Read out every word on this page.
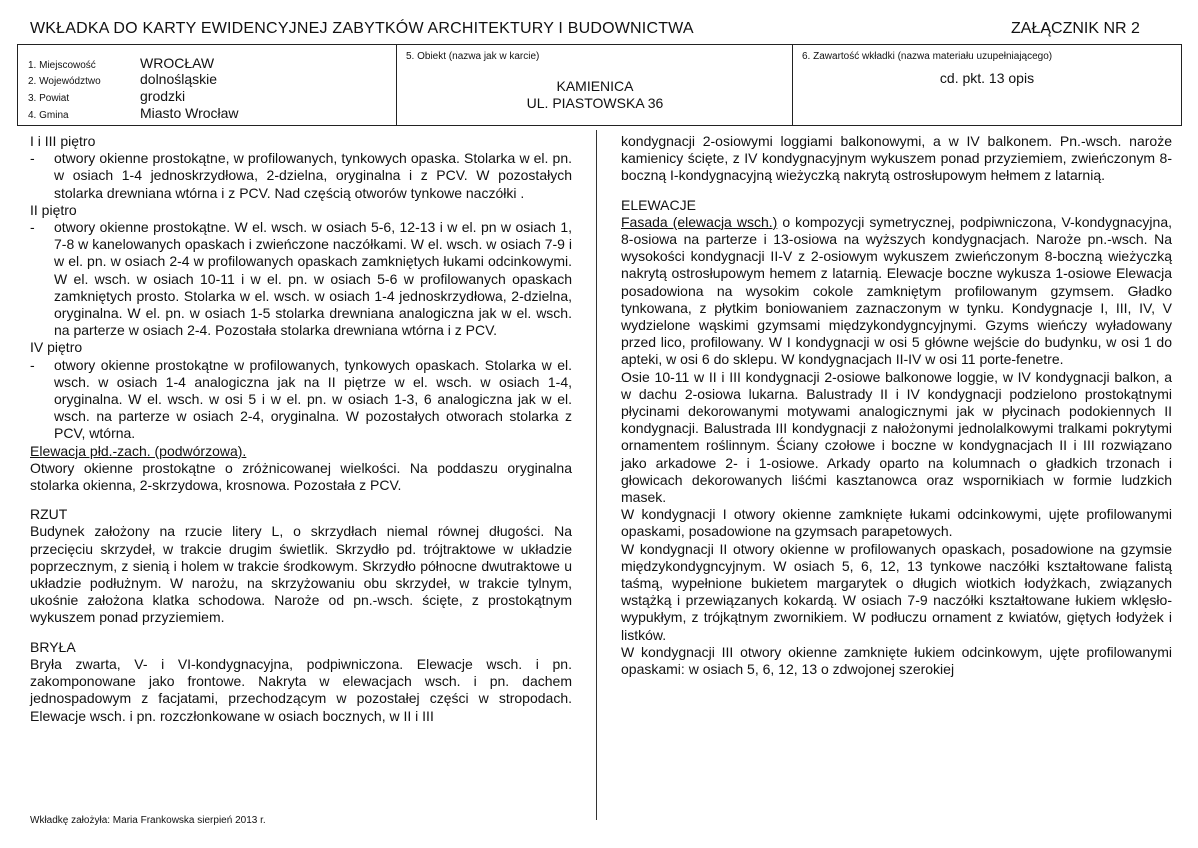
WKŁADKA DO KARTY EWIDENCYJNEJ ZABYTKÓW ARCHITEKTURY I BUDOWNICTWA	ZAŁĄCZNIK NR 2
1. Miejscowość	WROCŁAW
2. Województwo	dolnośląskie
3. Powiat	grodzki
4. Gmina	Miasto Wrocław
5. Obiekt (nazwa jak w karcie)
KAMIENICA
UL. PIASTOWSKA 36
6. Zawartość wkładki (nazwa materiału uzupełniającego)
cd. pkt. 13 opis

I i III piętro

- otwory okienne prostokątne, w profilowanych, tynkowych opaska. Stolarka w el. pn. w osiach 1-4 jednoskrzydłowa, 2-dzielna, oryginalna i z PCV. W pozostałych stolarka drewniana wtórna i z PCV. Nad częścią otworów tynkowe naczółki .

II piętro

- otwory okienne prostokątne. W el. wsch. w osiach 5-6, 12-13 i w el. pn w osiach 1, 7-8 w kanelowanych opaskach i zwieńczone naczółkami. W el. wsch. w osiach 7-9 i w el. pn. w osiach 2-4 w profilowanych opaskach zamkniętych łukami odcinkowymi. W el. wsch. w osiach 10-11 i w el. pn. w osiach 5-6 w profilowanych opaskach zamkniętych prosto. Stolarka w el. wsch. w osiach 1-4 jednoskrzydłowa, 2-dzielna, oryginalna. W el. pn. w osiach 1-5 stolarka drewniana analogiczna jak w el. wsch. na parterze w osiach 2-4. Pozostała stolarka drewniana wtórna i z PCV.

IV piętro

- otwory okienne prostokątne w profilowanych, tynkowych opaskach. Stolarka w el. wsch. w osiach 1-4 analogiczna jak na II piętrze w el. wsch. w osiach 1-4, oryginalna. W el. wsch. w osi 5 i w el. pn. w osiach 1-3, 6 analogiczna jak w el. wsch. na parterze w osiach 2-4, oryginalna. W pozostałych otworach stolarka z PCV, wtórna.

Elewacja płd.-zach. (podwórzowa).

Otwory okienne prostokątne o zróżnicowanej wielkości. Na poddaszu oryginalna stolarka okienna, 2-skrzydowa, krosnowa. Pozostała z PCV.

RZUT

Budynek założony na rzucie litery L, o skrzydłach niemal równej długości. Na przecięciu skrzydeł, w trakcie drugim świetlik. Skrzydło pd. trójtraktowe w układzie poprzecznym, z sienią i holem w trakcie środkowym. Skrzydło północne dwutraktowe u układzie podłużnym. W narożu, na skrzyżowaniu obu skrzydeł, w trakcie tylnym, ukośnie założona klatka schodowa. Naroże od pn.-wsch. ścięte, z prostokątnym wykuszem ponad przyziemiem.

BRYŁA

Bryła zwarta, V- i VI-kondygnacyjna, podpiwniczona. Elewacje wsch. i pn. zakomponowane jako frontowe. Nakryta w elewacjach wsch. i pn. dachem jednospadowym z facjatami, przechodzącym w pozostałej części w stropodach. Elewacje wsch. i pn. rozczłonkowane w osiach bocznych, w II i III

kondygnacji 2-osiowymi loggiami balkonowymi, a w IV balkonem. Pn.-wsch. naroże kamienicy ścięte, z IV kondygnacyjnym wykuszem ponad przyziemiem, zwieńczonym 8-boczną I-kondygnacyjną wieżyczką nakrytą ostrosłupowym hełmem z latarnią.

ELEWACJE

Fasada (elewacja wsch.) o kompozycji symetrycznej, podpiwniczona, V-kondygnacyjna, 8-osiowa na parterze i 13-osiowa na wyższych kondygnacjach. Naroże pn.-wsch. Na wysokości kondygnacji II-V z 2-osiowym wykuszem zwieńczonym 8-boczną wieżyczką nakrytą ostrosłupowym hemem z latarnią. Elewacje boczne wykusza 1-osiowe Elewacja posadowiona na wysokim cokole zamkniętym profilowanym gzymsem. Gładko tynkowana, z płytkim boniowaniem zaznaczonym w tynku. Kondygnacje I, III, IV, V wydzielone wąskimi gzymsami międzykondygncyjnymi. Gzyms wieńczy wyładowany przed lico, profilowany. W I kondygnacji w osi 5 główne wejście do budynku, w osi 1 do apteki, w osi 6 do sklepu. W kondygnacjach II-IV w osi 11 porte-fenetre.

Osie 10-11 w II i III kondygnacji 2-osiowe balkonowe loggie, w IV kondygnacji balkon, a w dachu 2-osiowa lukarna. Balustrady II i IV kondygnacji podzielono prostokątnymi płycinami dekorowanymi motywami analogicznymi jak w płycinach podokiennych II kondygnacji. Balustrada III kondygnacji z nałożonymi jednolalkowymi tralkami pokrytymi ornamentem roślinnym. Ściany czołowe i boczne w kondygnacjach II i III rozwiązano jako arkadowe 2- i 1-osiowe. Arkady oparto na kolumnach o gładkich trzonach i głowicach dekorowanych liśćmi kasztanowca oraz wspornikiach w formie ludzkich masek.

W kondygnacji I otwory okienne zamknięte łukami odcinkowymi, ujęte profilowanymi opaskami, posadowione na gzymsach parapetowych.

W kondygnacji II otwory okienne w profilowanych opaskach, posadowione na gzymsie międzykondygncyjnym. W osiach 5, 6, 12, 13 tynkowe naczółki kształtowane falistą taśmą, wypełnione bukietem margarytek o długich wiotkich łodyżkach, związanych wstążką i przewiązanych kokardą. W osiach 7-9 naczółki kształtowane łukiem wklęsło-wypukłym, z trójkątnym zwornikiem. W podłuczu ornament z kwiatów, giętych łodyżek i listków.

W kondygnacji III otwory okienne zamknięte łukiem odcinkowym, ujęte profilowanymi opaskami: w osiach 5, 6, 12, 13 o zdwojonej szerokiej

Wkładkę założyła: Maria Frankowska sierpień 2013 r.
